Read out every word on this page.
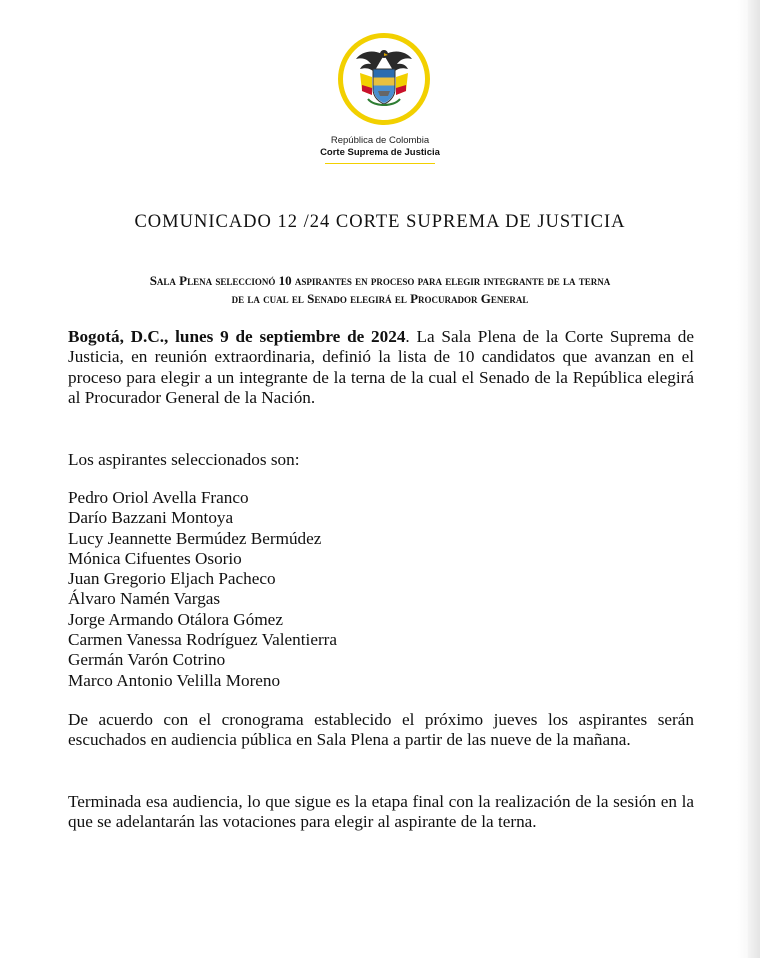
República de Colombia
Corte Suprema de Justicia
COMUNICADO 12 /24 CORTE SUPREMA DE JUSTICIA
Sala Plena seleccionó 10 aspirantes en proceso para elegir integrante de la terna
de la cual el Senado elegirá el Procurador General
Bogotá, D.C., lunes 9 de septiembre de 2024. La Sala Plena de la Corte Suprema de Justicia, en reunión extraordinaria, definió la lista de 10 candidatos que avanzan en el proceso para elegir a un integrante de la terna de la cual el Senado de la República elegirá al Procurador General de la Nación.
Los aspirantes seleccionados son:
Pedro Oriol Avella Franco
Darío Bazzani Montoya
Lucy Jeannette Bermúdez Bermúdez
Mónica Cifuentes Osorio
Juan Gregorio Eljach Pacheco
Álvaro Namén Vargas
Jorge Armando Otálora Gómez
Carmen Vanessa Rodríguez Valentierra
Germán Varón Cotrino
Marco Antonio Velilla Moreno
De acuerdo con el cronograma establecido el próximo jueves los aspirantes serán escuchados en audiencia pública en Sala Plena a partir de las nueve de la mañana.
Terminada esa audiencia, lo que sigue es la etapa final con la realización de la sesión en la que se adelantarán las votaciones para elegir al aspirante de la terna.
